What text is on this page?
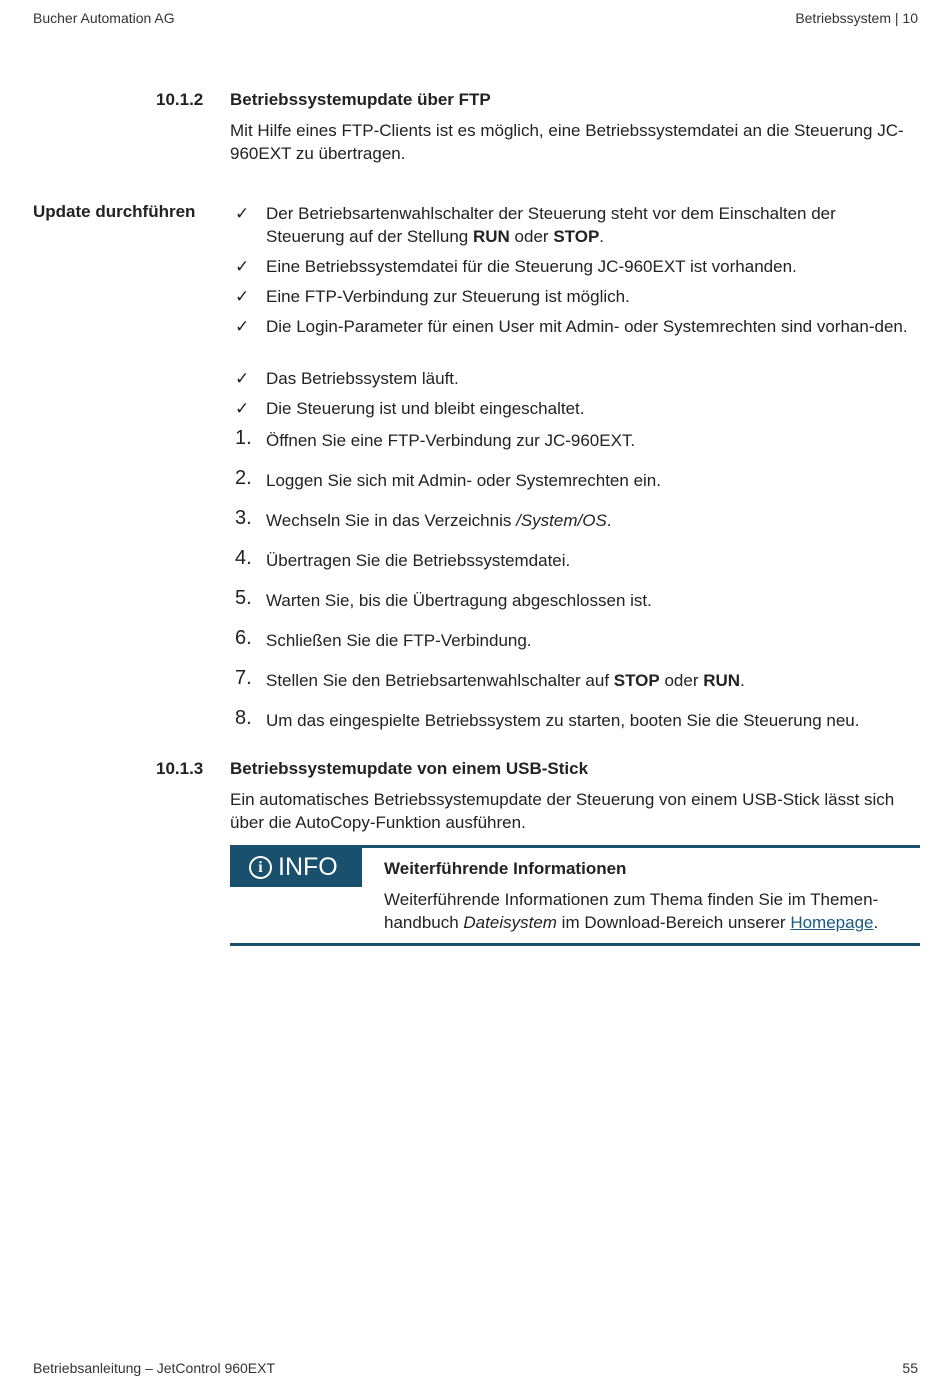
Bucher Automation AG	Betriebssystem | 10
10.1.2 Betriebssystemupdate über FTP
Mit Hilfe eines FTP-Clients ist es möglich, eine Betriebssystemdatei an die Steuerung JC-960EXT zu übertragen.
Update durchführen ✓ Der Betriebsartenwahlschalter der Steuerung steht vor dem Einschalten der Steuerung auf der Stellung RUN oder STOP.
✓ Eine Betriebssystemdatei für die Steuerung JC-960EXT ist vorhanden.
✓ Eine FTP-Verbindung zur Steuerung ist möglich.
✓ Die Login-Parameter für einen User mit Admin- oder Systemrechten sind vorhan-den.
✓ Das Betriebssystem läuft.
✓ Die Steuerung ist und bleibt eingeschaltet.
1. Öffnen Sie eine FTP-Verbindung zur JC-960EXT.
2. Loggen Sie sich mit Admin- oder Systemrechten ein.
3. Wechseln Sie in das Verzeichnis /System/OS.
4. Übertragen Sie die Betriebssystemdatei.
5. Warten Sie, bis die Übertragung abgeschlossen ist.
6. Schließen Sie die FTP-Verbindung.
7. Stellen Sie den Betriebsartenwahlschalter auf STOP oder RUN.
8. Um das eingespielte Betriebssystem zu starten, booten Sie die Steuerung neu.
10.1.3 Betriebssystemupdate von einem USB-Stick
Ein automatisches Betriebssystemupdate der Steuerung von einem USB-Stick lässt sich über die AutoCopy-Funktion ausführen.
i INFO	Weiterführende Informationen
Weiterführende Informationen zum Thema finden Sie im Themen-handbuch Dateisystem im Download-Bereich unserer Homepage.
Betriebsanleitung – JetControl 960EXT	55
